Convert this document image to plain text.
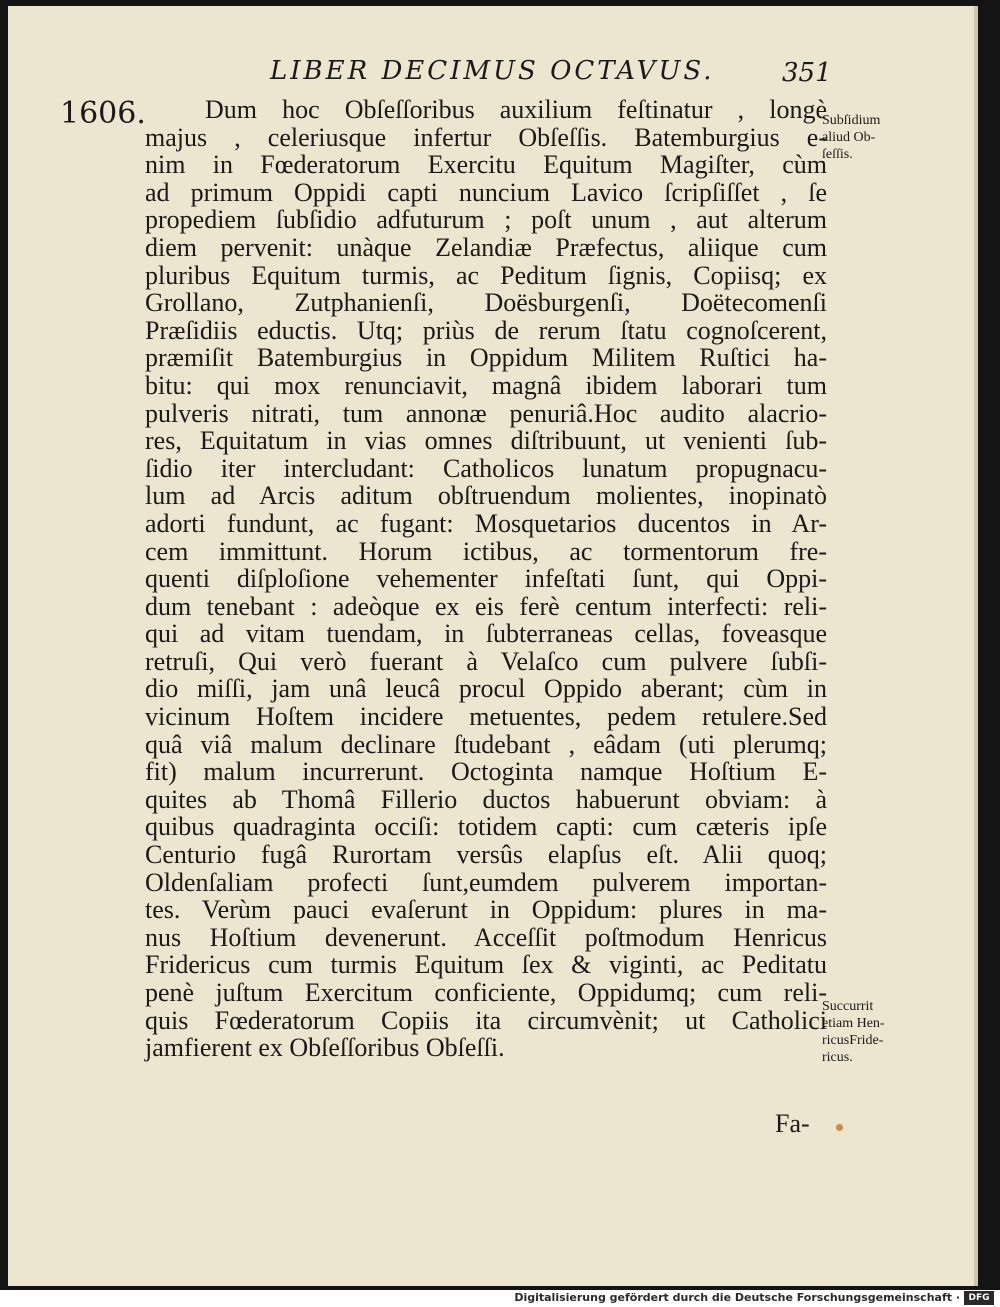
LIBER DECIMUS OCTAVUS.	351
1606.	Dum hoc Obſeſſoribus auxilium feſtinatur , longè
majus , celeriusque infertur Obſeſſis. Batemburgius e-
nim in Fœderatorum Exercitu Equitum Magiſter, cùm
ad primum Oppidi capti nuncium Lavico ſcripſiſſet , ſe
propediem ſubſidio adfuturum ; poſt unum , aut alterum
diem pervenit: unàque Zelandiæ Præfectus, aliique cum
pluribus Equitum turmis, ac Peditum ſignis, Copiisq; ex
Grollano, Zutphanienſi, Doësburgenſi, Doëtecomenſi
Præſidiis eductis. Utq; priùs de rerum ſtatu cognoſcerent,
præmiſit Batemburgius in Oppidum Militem Ruſtici ha-
bitu: qui mox renunciavit, magnâ ibidem laborari tum
pulveris nitrati, tum annonæ penuriâ.Hoc audito alacrio-
res, Equitatum in vias omnes diſtribuunt, ut venienti ſub-
ſidio iter intercludant: Catholicos lunatum propugnacu-
lum ad Arcis aditum obſtruendum molientes, inopinatò
adorti fundunt, ac fugant: Mosquetarios ducentos in Ar-
cem immittunt. Horum ictibus, ac tormentorum fre-
quenti diſploſione vehementer infeſtati ſunt, qui Oppi-
dum tenebant : adeòque ex eis ferè centum interfecti: reli-
qui ad vitam tuendam, in ſubterraneas cellas, foveasque
retruſi, Qui verò fuerant à Velaſco cum pulvere ſubſi-
dio miſſi, jam unâ leucâ procul Oppido aberant; cùm in
vicinum Hoſtem incidere metuentes, pedem retulere.Sed
quâ viâ malum declinare ſtudebant , eâdam (uti plerumq;
fit) malum incurrerunt. Octoginta namque Hoſtium E-
quites ab Thomâ Fillerio ductos habuerunt obviam: à
quibus quadraginta occiſi: totidem capti: cum cæteris ipſe
Centurio fugâ Rurortam versûs elapſus eſt. Alii quoq;
Oldenſaliam profecti ſunt,eumdem pulverem importan-
tes. Verùm pauci evaſerunt in Oppidum: plures in ma-
nus Hoſtium devenerunt. Acceſſit poſtmodum Henricus
Fridericus cum turmis Equitum ſex & viginti, ac Peditatu
penè juſtum Exercitum conficiente, Oppidumq; cum reli-
quis Fœderatorum Copiis ita circumvènit; ut Catholici
jamfierent ex Obſeſſoribus Obſeſſi.
Fa-
Subſidium
aliud Ob-
ſeſſis.
Succurrit
etiam Hen-
ricusFride-
ricus.
Digitalisierung gefördert durch die Deutsche Forschungsgemeinschaft · DFG
